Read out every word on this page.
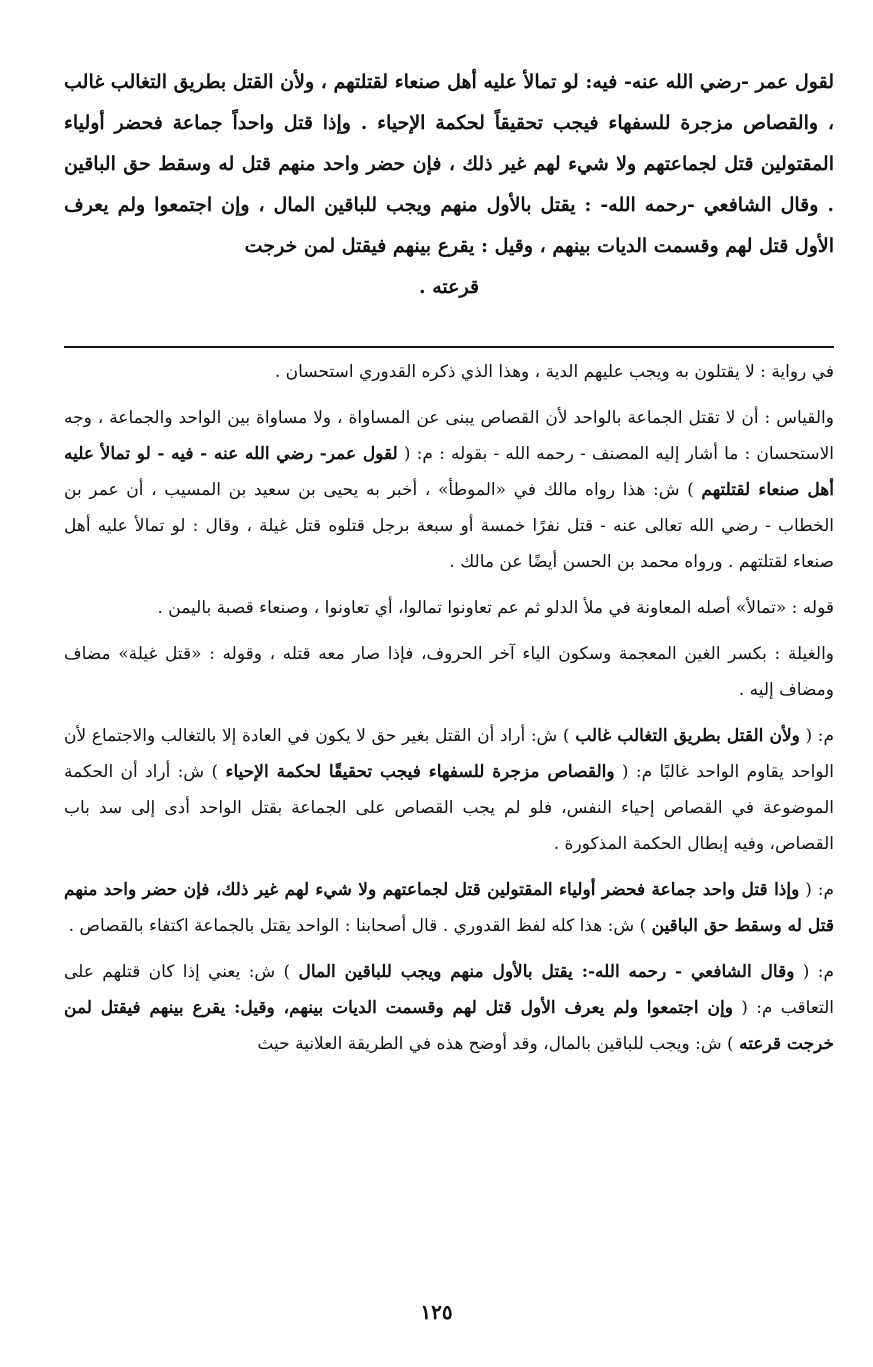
لقول عمر -رضي الله عنه- فيه: لو تمالأ عليه أهل صنعاء لقتلتهم ، ولأن القتل بطريق التغالب غالب ، والقصاص مزجرة للسفهاء فيجب تحقيقاً لحكمة الإحياء . وإذا قتل واحداً جماعة فحضر أولياء المقتولين قتل لجماعتهم ولا شيء لهم غير ذلك ، فإن حضر واحد منهم قتل له وسقط حق الباقين . وقال الشافعي -رحمه الله- : يقتل بالأول منهم ويجب للباقين المال ، وإن اجتمعوا ولم يعرف الأول قتل لهم وقسمت الديات بينهم ، وقيل : يقرع بينهم فيقتل لمن خرجت

قرعته .

في رواية : لا يقتلون به ويجب عليهم الدية ، وهذا الذي ذكره القدوري استحسان .

والقياس : أن لا تقتل الجماعة بالواحد لأن القصاص يبنى عن المساواة ، ولا مساواة بين الواحد والجماعة ، وجه الاستحسان : ما أشار إليه المصنف - رحمه الله - بقوله : م: ( لقول عمر- رضي الله عنه - فيه - لو تمالأ عليه أهل صنعاء لقتلتهم ) ش: هذا رواه مالك في «الموطأ» ، أخبر به يحيى بن سعيد بن المسيب ، أن عمر بن الخطاب - رضي الله تعالى عنه - قتل نفرًا خمسة أو سبعة برجل قتلوه قتل غيلة ، وقال : لو تمالأ عليه أهل صنعاء لقتلتهم . ورواه محمد بن الحسن أيضًا عن مالك .

قوله : «تمالأ» أصله المعاونة في ملأ الدلو ثم عم تعاونوا تمالوا، أي تعاونوا ، وصنعاء قصبة باليمن .

والغيلة : بكسر الغين المعجمة وسكون الياء آخر الحروف، فإذا صار معه قتله ، وقوله : «قتل غيلة» مضاف ومضاف إليه .

م: ( ولأن القتل بطريق التغالب غالب ) ش: أراد أن القتل بغير حق لا يكون في العادة إلا بالتغالب والاجتماع لأن الواحد يقاوم الواحد غالبًا م: ( والقصاص مزجرة للسفهاء فيجب تحقيقًا لحكمة الإحياء ) ش: أراد أن الحكمة الموضوعة في القصاص إحياء النفس، فلو لم يجب القصاص على الجماعة بقتل الواحد أدى إلى سد باب القصاص، وفيه إبطال الحكمة المذكورة .

م: ( وإذا قتل واحد جماعة فحضر أولياء المقتولين قتل لجماعتهم ولا شيء لهم غير ذلك، فإن حضر واحد منهم قتل له وسقط حق الباقين ) ش: هذا كله لفظ القدوري . قال أصحابنا : الواحد يقتل بالجماعة اكتفاء بالقصاص .

م: ( وقال الشافعي - رحمه الله-: يقتل بالأول منهم ويجب للباقين المال ) ش: يعني إذا كان قتلهم على التعاقب م: ( وإن اجتمعوا ولم يعرف الأول قتل لهم وقسمت الديات بينهم، وقيل: يقرع بينهم فيقتل لمن خرجت قرعته ) ش: ويجب للباقين بالمال، وقد أوضح هذه في الطريقة العلانية حيث

١٢٥
